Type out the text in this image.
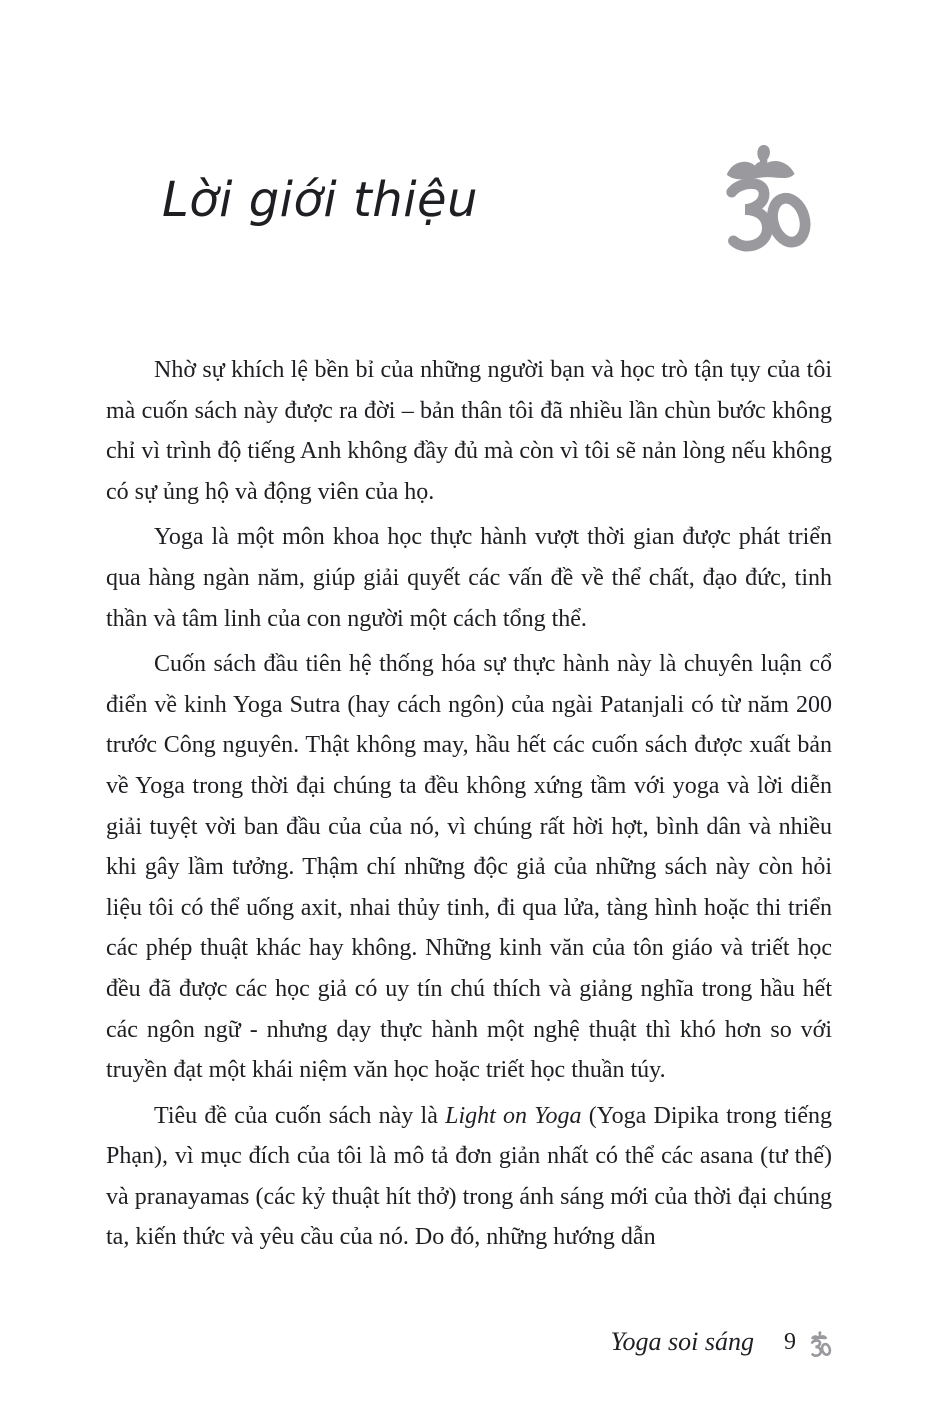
Lời giới thiệu

Nhờ sự khích lệ bền bỉ của những người bạn và học trò tận tụy của tôi mà cuốn sách này được ra đời – bản thân tôi đã nhiều lần chùn bước không chỉ vì trình độ tiếng Anh không đầy đủ mà còn vì tôi sẽ nản lòng nếu không có sự ủng hộ và động viên của họ.

Yoga là một môn khoa học thực hành vượt thời gian được phát triển qua hàng ngàn năm, giúp giải quyết các vấn đề về thể chất, đạo đức, tinh thần và tâm linh của con người một cách tổng thể.

Cuốn sách đầu tiên hệ thống hóa sự thực hành này là chuyên luận cổ điển về kinh Yoga Sutra (hay cách ngôn) của ngài Patanjali có từ năm 200 trước Công nguyên. Thật không may, hầu hết các cuốn sách được xuất bản về Yoga trong thời đại chúng ta đều không xứng tầm với yoga và lời diễn giải tuyệt vời ban đầu của của nó, vì chúng rất hời hợt, bình dân và nhiều khi gây lầm tưởng. Thậm chí những độc giả của những sách này còn hỏi liệu tôi có thể uống axit, nhai thủy tinh, đi qua lửa, tàng hình hoặc thi triển các phép thuật khác hay không. Những kinh văn của tôn giáo và triết học đều đã được các học giả có uy tín chú thích và giảng nghĩa trong hầu hết các ngôn ngữ - nhưng dạy thực hành một nghệ thuật thì khó hơn so với truyền đạt một khái niệm văn học hoặc triết học thuần túy.

Tiêu đề của cuốn sách này là Light on Yoga (Yoga Dipika trong tiếng Phạn), vì mục đích của tôi là mô tả đơn giản nhất có thể các asana (tư thế) và pranayamas (các kỷ thuật hít thở) trong ánh sáng mới của thời đại chúng ta, kiến thức và yêu cầu của nó. Do đó, những hướng dẫn

Yoga soi sáng 9
